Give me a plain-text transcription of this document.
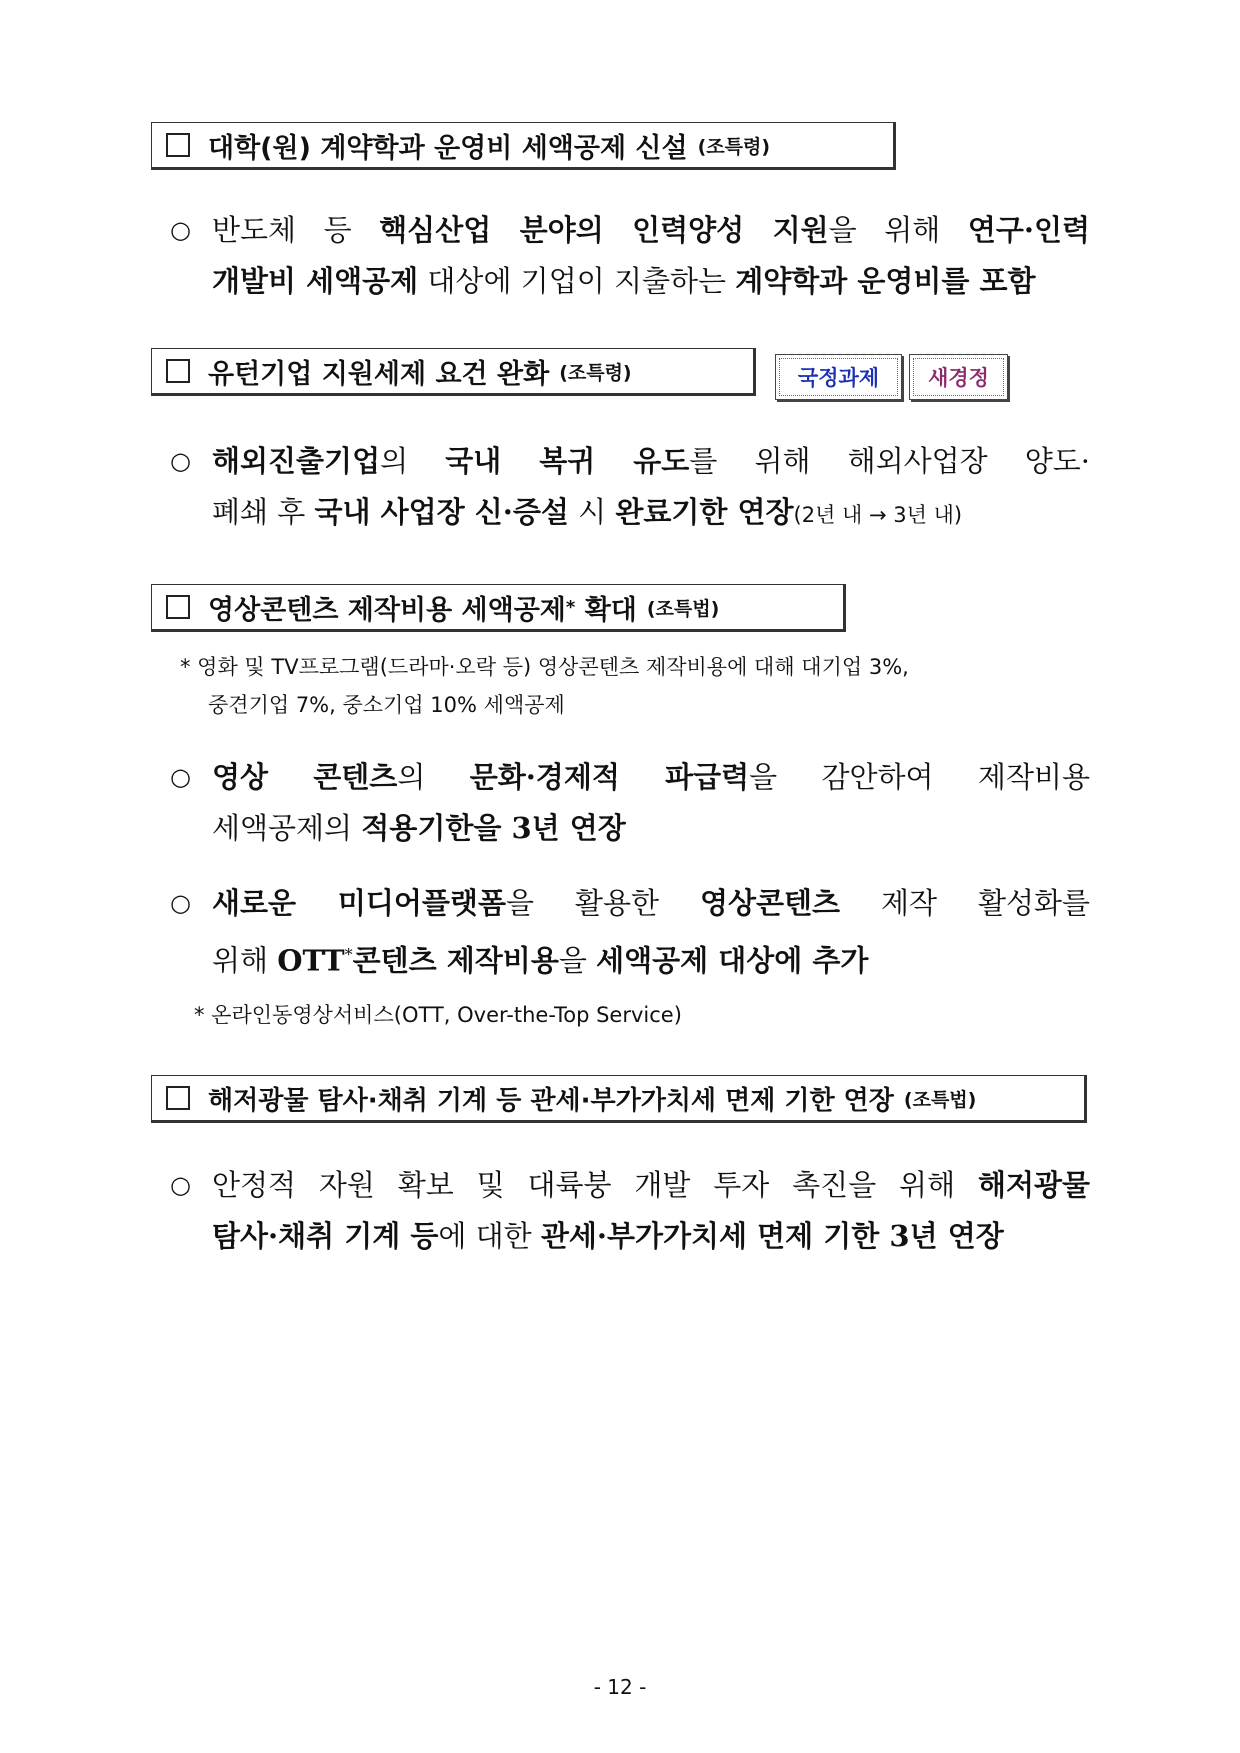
대학(원) 계약학과 운영비 세액공제 신설 (조특령)
○ 반도체 등 핵심산업 분야의 인력양성 지원을 위해 연구·인력
개발비 세액공제 대상에 기업이 지출하는 계약학과 운영비를 포함
유턴기업 지원세제 요건 완화 (조특령)	국정과제	새경정
○ 해외진출기업의 국내 복귀 유도를 위해 해외사업장 양도·
폐쇄 후 국내 사업장 신·증설 시 완료기한 연장(2년 내 → 3년 내)
영상콘텐츠 제작비용 세액공제 *
확대 (조특법)
* 영화 및 TV프로그램(드라마·오락 등) 영상콘텐츠 제작비용에 대해 대기업 3%,
중견기업 7%, 중소기업 10% 세액공제
○ 영상 콘텐츠의 문화·경제적 파급력을 감안하여 제작비용
세액공제의 적용기한을 3년 연장
○ 새로운 미디어플랫폼을 활용한 영상콘텐츠 제작 활성화를
위해 OTT*콘텐츠 제작비용을 세액공제 대상에 추가
* 온라인동영상서비스(OTT, Over-the-Top Service)
해저광물 탐사·채취 기계 등 관세·부가가치세 면제 기한 연장 (조특법)
○ 안정적 자원 확보 및 대륙붕 개발 투자 촉진을 위해 해저광물
탐사·채취 기계 등에 대한 관세·부가가치세 면제 기한 3년 연장
- 12 -
